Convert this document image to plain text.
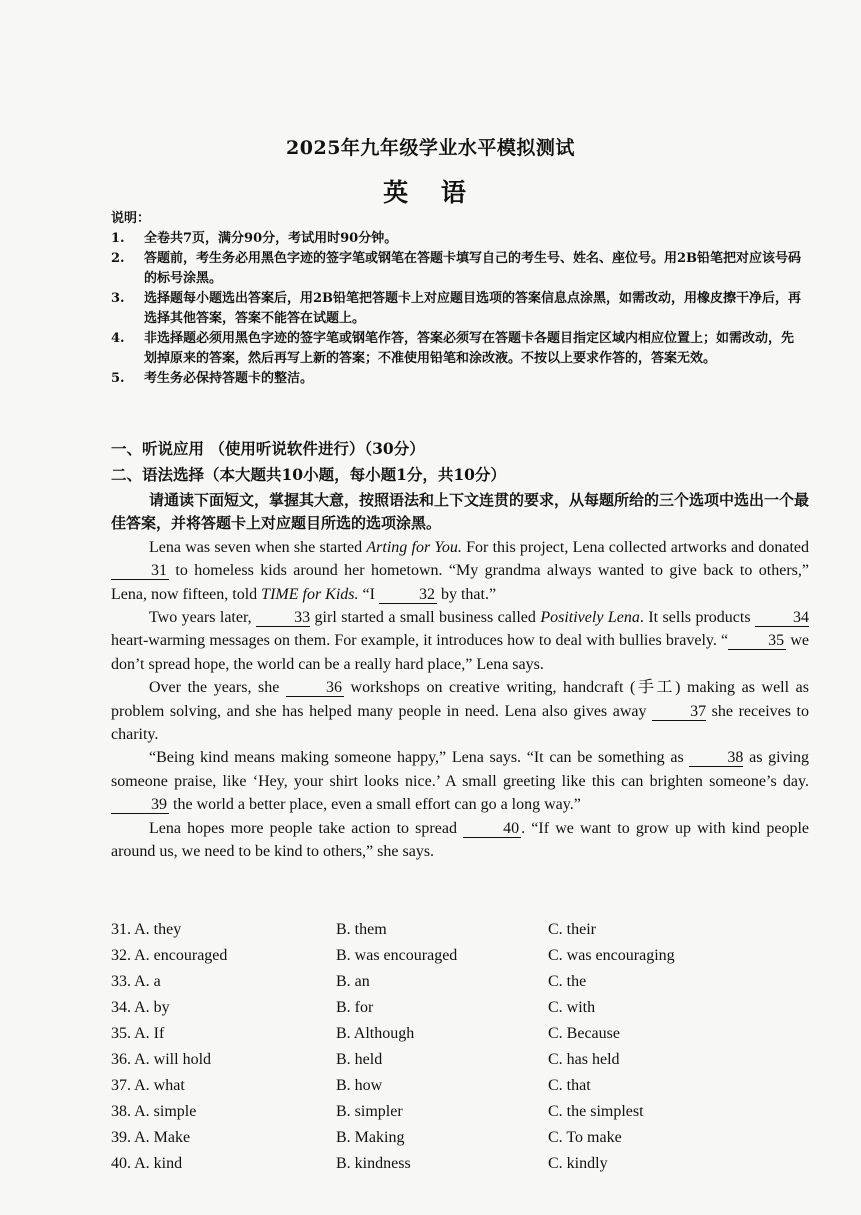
2025年九年级学业水平模拟测试
英 语
说明：
1.	全卷共7页，满分90分，考试用时90分钟。
2.	答题前，考生务必用黑色字迹的签字笔或钢笔在答题卡填写自己的考生号、姓名、座位号。用2B铅笔把对应该号码的标号涂黑。
3.	选择题每小题选出答案后，用2B铅笔把答题卡上对应题目选项的答案信息点涂黑，如需改动，用橡皮擦干净后，再选择其他答案，答案不能答在试题上。
4.	非选择题必须用黑色字迹的签字笔或钢笔作答，答案必须写在答题卡各题目指定区域内相应位置上；如需改动，先划掉原来的答案，然后再写上新的答案；不准使用铅笔和涂改液。不按以上要求作答的，答案无效。
5.	考生务必保持答题卡的整洁。
一、听说应用 （使用听说软件进行）（30分）
二、语法选择（本大题共10小题，每小题1分，共10分）

请通读下面短文，掌握其大意，按照语法和上下文连贯的要求，从每题所给的三个选项中选出一个最佳答案，并将答题卡上对应题目所选的选项涂黑。

Lena was seven when she started Arting for You. For this project, Lena collected artworks and donated 31 to homeless kids around her hometown. “My grandma always wanted to give back to others,” Lena, now fifteen, told TIME for Kids. “I	32 by that.”

Two years later, 33 girl started a small business called Positively Lena. It sells products 34 heart-warming messages on them. For example, it introduces how to deal with bullies bravely. “	35 we don’t spread hope, the world can be a really hard place,” Lena says.

Over the years, she	36 workshops on creative writing, handcraft (手工) making as well as problem solving, and she has helped many people in need. Lena also gives away 37 she receives to charity.

“Being kind means making someone happy,” Lena says. “It can be something as 38 as giving someone praise, like ‘Hey, your shirt looks nice.’ A small greeting like this can brighten someone’s day. 39 the world a better place, even a small effort can go a long way.”

Lena hopes more people take action to spread	40 . “If we want to grow up with kind people around us, we need to be kind to others,” she says.

31. A. they	B. them	C. their
32. A. encouraged	B. was encouraged	C. was encouraging
33. A. a	B. an	C. the
34. A. by	B. for	C. with
35. A. If	B. Although	C. Because
36. A. will hold	B. held	C. has held
37. A. what	B. how	C. that
38. A. simple	B. simpler	C. the simplest
39. A. Make	B. Making	C. To make
40. A. kind	B. kindness	C. kindly
